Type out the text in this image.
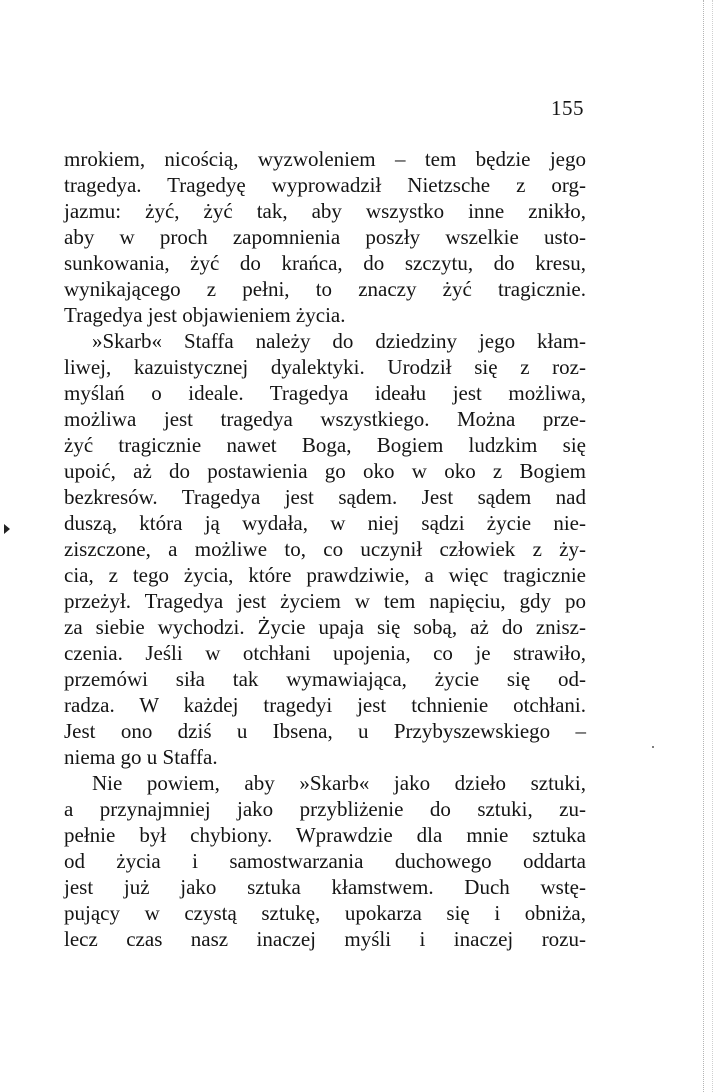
155
mrokiem, nicością, wyzwoleniem – tem będzie jego
tragedya. Tragedyę wyprowadził Nietzsche z org-
jazmu: żyć, żyć tak, aby wszystko inne znikło,
aby w proch zapomnienia poszły wszelkie usto-
sunkowania, żyć do krańca, do szczytu, do kresu,
wynikającego z pełni, to znaczy żyć tragicznie.
Tragedya jest objawieniem życia.
»Skarb« Staffa należy do dziedziny jego kłam-
liwej, kazuistycznej dyalektyki. Urodził się z roz-
myślań o ideale. Tragedya ideału jest możliwa,
możliwa jest tragedya wszystkiego. Można prze-
żyć tragicznie nawet Boga, Bogiem ludzkim się
upoić, aż do postawienia go oko w oko z Bogiem
bezkresów. Tragedya jest sądem. Jest sądem nad
duszą, która ją wydała, w niej sądzi życie nie-
ziszczone, a możliwe to, co uczynił człowiek z ży-
cia, z tego życia, które prawdziwie, a więc tragicznie
przeżył. Tragedya jest życiem w tem napięciu, gdy po
za siebie wychodzi. Życie upaja się sobą, aż do znisz-
czenia. Jeśli w otchłani upojenia, co je strawiło,
przemówi siła tak wymawiająca, życie się od-
radza. W każdej tragedyi jest tchnienie otchłani.
Jest ono dziś u Ibsena, u Przybyszewskiego –
niema go u Staffa.
Nie powiem, aby »Skarb« jako dzieło sztuki,
a przynajmniej jako przybliżenie do sztuki, zu-
pełnie był chybiony. Wprawdzie dla mnie sztuka
od życia i samostwarzania duchowego oddarta
jest już jako sztuka kłamstwem. Duch wstę-
pujący w czystą sztukę, upokarza się i obniża,
lecz czas nasz inaczej myśli i inaczej rozu-
